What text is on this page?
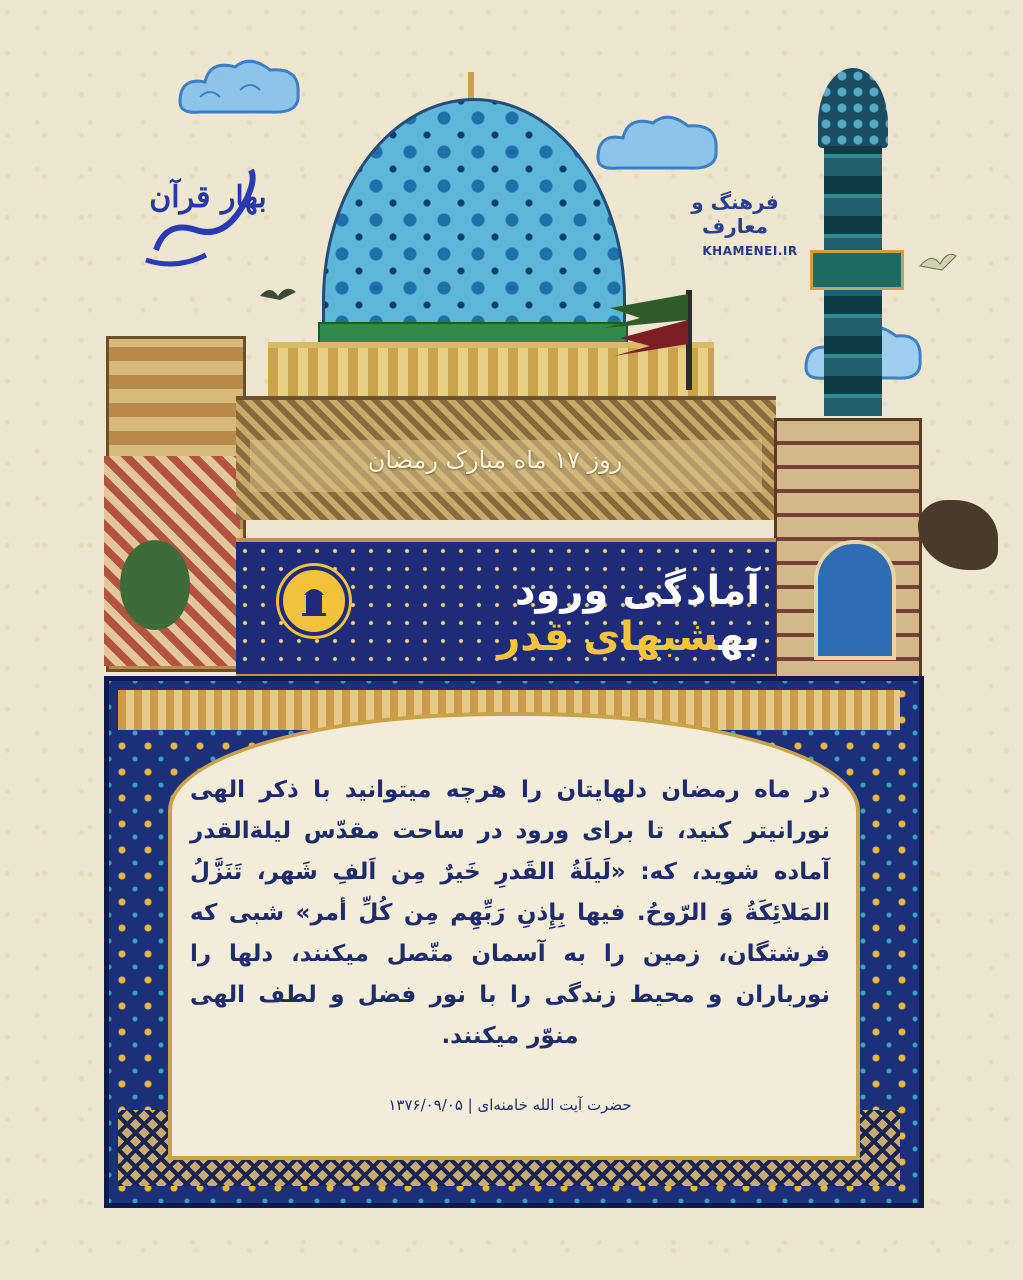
بهار قرآن	فرهنگ و معارف
KHAMENEI.IR
روز ۱۷ ماه مبارک رمضان
آمادگی ورود بهشبهای قدر
در ماه رمضان دلهایتان را هرچه میتوانید با ذکر الهی نورانیتر کنید، تا برای ورود در ساحت مقدّس لیلة‌القدر آماده شوید، که: «لَیلَةُ القَدرِ خَیرٌ مِن اَلفِ شَهر، تَنَزَّلُ المَلائِکَةُ وَ الرّوحُ. فیها بِإِذنِ رَبِّهِم مِن کُلِّ أمر» شبی که فرشتگان، زمین را به آسمان متّصل میکنند، دلها را نورباران و محیط زندگی را با نور فضل و لطف الهی منوّر میکنند.
حضرت آیت الله خامنه‌ای | ۱۳۷۶/۰۹/۰۵
